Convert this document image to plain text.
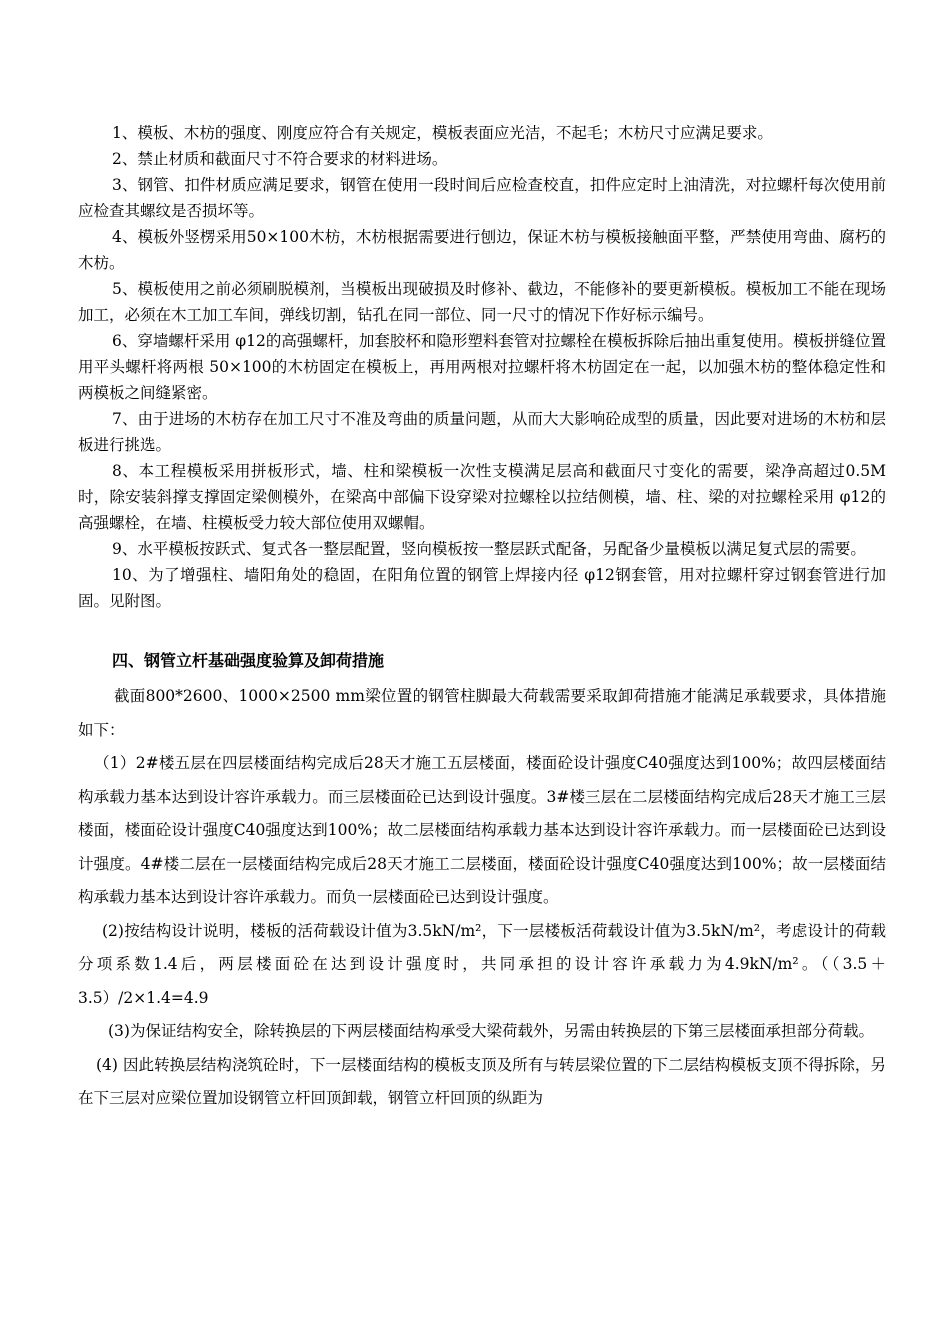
1、模板、木枋的强度、刚度应符合有关规定，模板表面应光洁，不起毛；木枋尺寸应满足要求。

2、禁止材质和截面尺寸不符合要求的材料进场。

3、钢管、扣件材质应满足要求，钢管在使用一段时间后应检查校直，扣件应定时上油清洗，对拉螺杆每次使用前应检查其螺纹是否损坏等。

4、模板外竖楞采用50×100木枋，木枋根据需要进行刨边，保证木枋与模板接触面平整，严禁使用弯曲、腐朽的木枋。

5、模板使用之前必须刷脱模剂，当模板出现破损及时修补、截边，不能修补的要更新模板。模板加工不能在现场加工，必须在木工加工车间，弹线切割，钻孔在同一部位、同一尺寸的情况下作好标示编号。

6、穿墙螺杆采用 φ12的高强螺杆，加套胶杯和隐形塑料套管对拉螺栓在模板拆除后抽出重复使用。模板拼缝位置用平头螺杆将两根 50×100的木枋固定在模板上，再用两根对拉螺杆将木枋固定在一起，以加强木枋的整体稳定性和两模板之间缝紧密。

7、由于进场的木枋存在加工尺寸不准及弯曲的质量问题，从而大大影响砼成型的质量，因此要对进场的木枋和层板进行挑选。

8、本工程模板采用拼板形式，墙、柱和梁模板一次性支模满足层高和截面尺寸变化的需要，梁净高超过0.5M时，除安装斜撑支撑固定梁侧模外，在梁高中部偏下设穿梁对拉螺栓以拉结侧模，墙、柱、梁的对拉螺栓采用 φ12的高强螺栓，在墙、柱模板受力较大部位使用双螺帽。

9、水平模板按跃式、复式各一整层配置，竖向模板按一整层跃式配备，另配备少量模板以满足复式层的需要。

10、为了增强柱、墙阳角处的稳固，在阳角位置的钢管上焊接内径 φ12钢套管，用对拉螺杆穿过钢套管进行加固。见附图。

四、钢管立杆基础强度验算及卸荷措施

截面800*2600、1000×2500 mm梁位置的钢管柱脚最大荷载需要采取卸荷措施才能满足承载要求，具体措施如下：

（1）2#楼五层在四层楼面结构完成后28天才施工五层楼面，楼面砼设计强度C40强度达到100%；故四层楼面结构承载力基本达到设计容许承载力。而三层楼面砼已达到设计强度。3#楼三层在二层楼面结构完成后28天才施工三层楼面，楼面砼设计强度C40强度达到100%；故二层楼面结构承载力基本达到设计容许承载力。而一层楼面砼已达到设计强度。4#楼二层在一层楼面结构完成后28天才施工二层楼面，楼面砼设计强度C40强度达到100%；故一层楼面结构承载力基本达到设计容许承载力。而负一层楼面砼已达到设计强度。

(2)按结构设计说明，楼板的活荷载设计值为3.5kN/m²，下一层楼板活荷载设计值为3.5kN/m²，考虑设计的荷载分项系数1.4后，两层楼面砼在达到设计强度时，共同承担的设计容许承载力为4.9kN/m²。（（3.5＋3.5）/2×1.4=4.9

(3)为保证结构安全，除转换层的下两层楼面结构承受大梁荷载外，另需由转换层的下第三层楼面承担部分荷载。

(4) 因此转换层结构浇筑砼时，下一层楼面结构的模板支顶及所有与转层梁位置的下二层结构模板支顶不得拆除，另在下三层对应梁位置加设钢管立杆回顶卸载，钢管立杆回顶的纵距为
